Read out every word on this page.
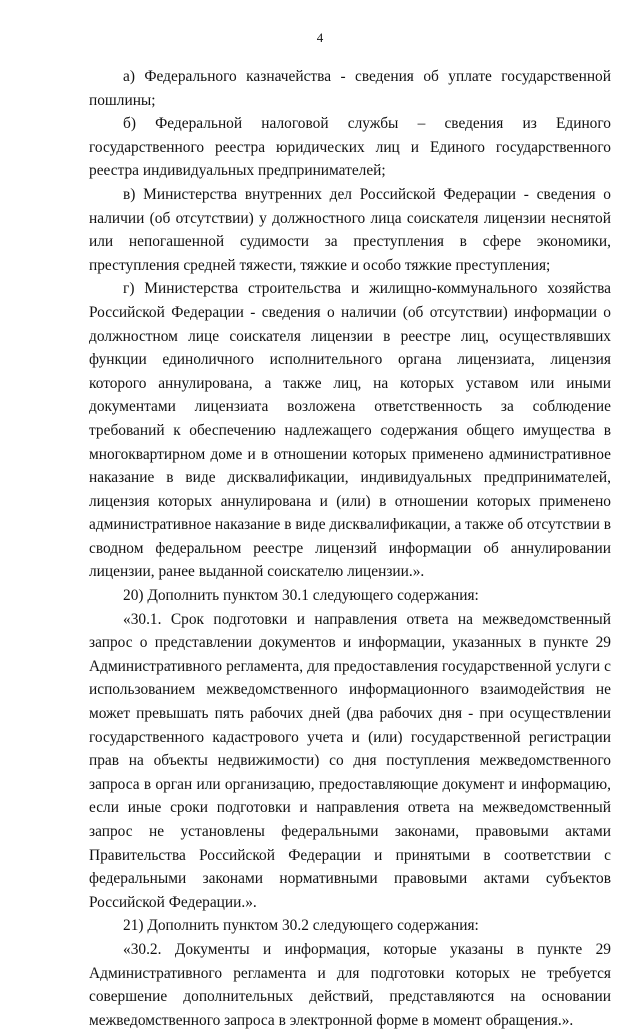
4

а) Федерального казначейства - сведения об уплате государственной пошлины;

б) Федеральной налоговой службы – сведения из Единого государственного реестра юридических лиц и Единого государственного реестра индивидуальных предпринимателей;

в) Министерства внутренних дел Российской Федерации - сведения о наличии (об отсутствии) у должностного лица соискателя лицензии неснятой или непогашенной судимости за преступления в сфере экономики, преступления средней тяжести, тяжкие и особо тяжкие преступления;

г) Министерства строительства и жилищно-коммунального хозяйства Российской Федерации - сведения о наличии (об отсутствии) информации о должностном лице соискателя лицензии в реестре лиц, осуществлявших функции единоличного исполнительного органа лицензиата, лицензия которого аннулирована, а также лиц, на которых уставом или иными документами лицензиата возложена ответственность за соблюдение требований к обеспечению надлежащего содержания общего имущества в многоквартирном доме и в отношении которых применено административное наказание в виде дисквалификации, индивидуальных предпринимателей, лицензия которых аннулирована и (или) в отношении которых применено административное наказание в виде дисквалификации, а также об отсутствии в сводном федеральном реестре лицензий информации об аннулировании лицензии, ранее выданной соискателю лицензии.».

20) Дополнить пунктом 30.1 следующего содержания:

«30.1. Срок подготовки и направления ответа на межведомственный запрос о представлении документов и информации, указанных в пункте 29 Административного регламента, для предоставления государственной услуги с использованием межведомственного информационного взаимодействия не может превышать пять рабочих дней (два рабочих дня - при осуществлении государственного кадастрового учета и (или) государственной регистрации прав на объекты недвижимости) со дня поступления межведомственного запроса в орган или организацию, предоставляющие документ и информацию, если иные сроки подготовки и направления ответа на межведомственный запрос не установлены федеральными законами, правовыми актами Правительства Российской Федерации и принятыми в соответствии с федеральными законами нормативными правовыми актами субъектов Российской Федерации.».

21) Дополнить пунктом 30.2 следующего содержания:

«30.2. Документы и информация, которые указаны в пункте 29 Административного регламента и для подготовки которых не требуется совершение дополнительных действий, представляются на основании межведомственного запроса в электронной форме в момент обращения.».
